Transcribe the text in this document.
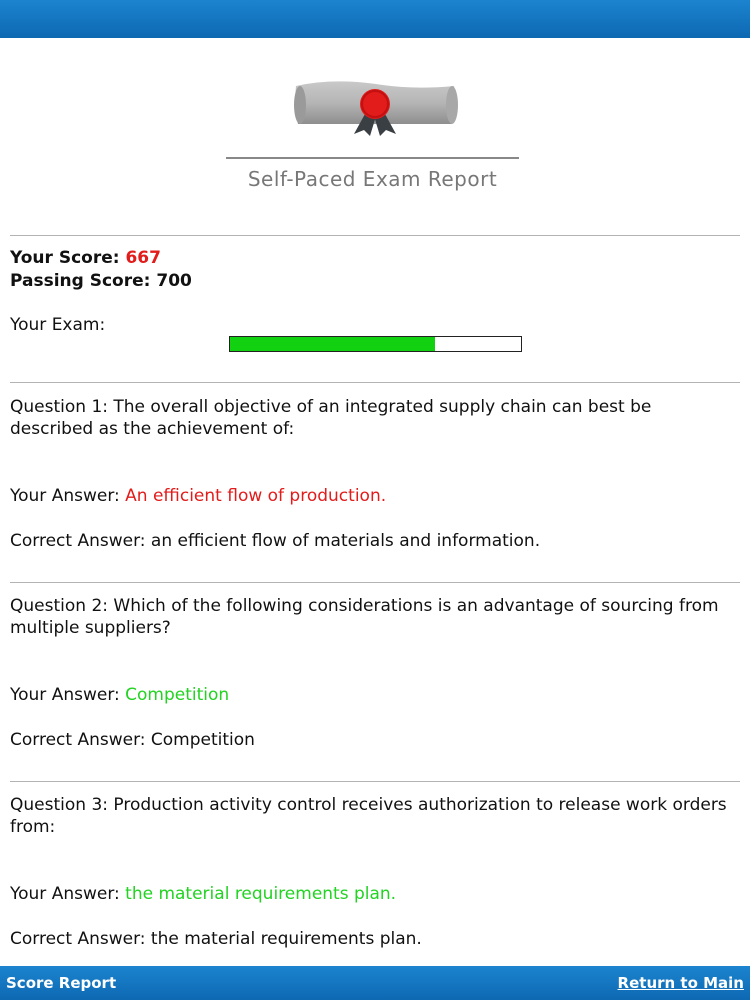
Self-Paced Exam Report
Your Score: 667
Passing Score: 700
Your Exam:
Question 1: The overall objective of an integrated supply chain can best be described as the achievement of:
Your Answer: An efficient flow of production.
Correct Answer: an efficient flow of materials and information.
Question 2: Which of the following considerations is an advantage of sourcing from multiple suppliers?
Your Answer: Competition
Correct Answer: Competition
Question 3: Production activity control receives authorization to release work orders from:
Your Answer: the material requirements plan.
Correct Answer: the material requirements plan.
Score Report	Return to Main
